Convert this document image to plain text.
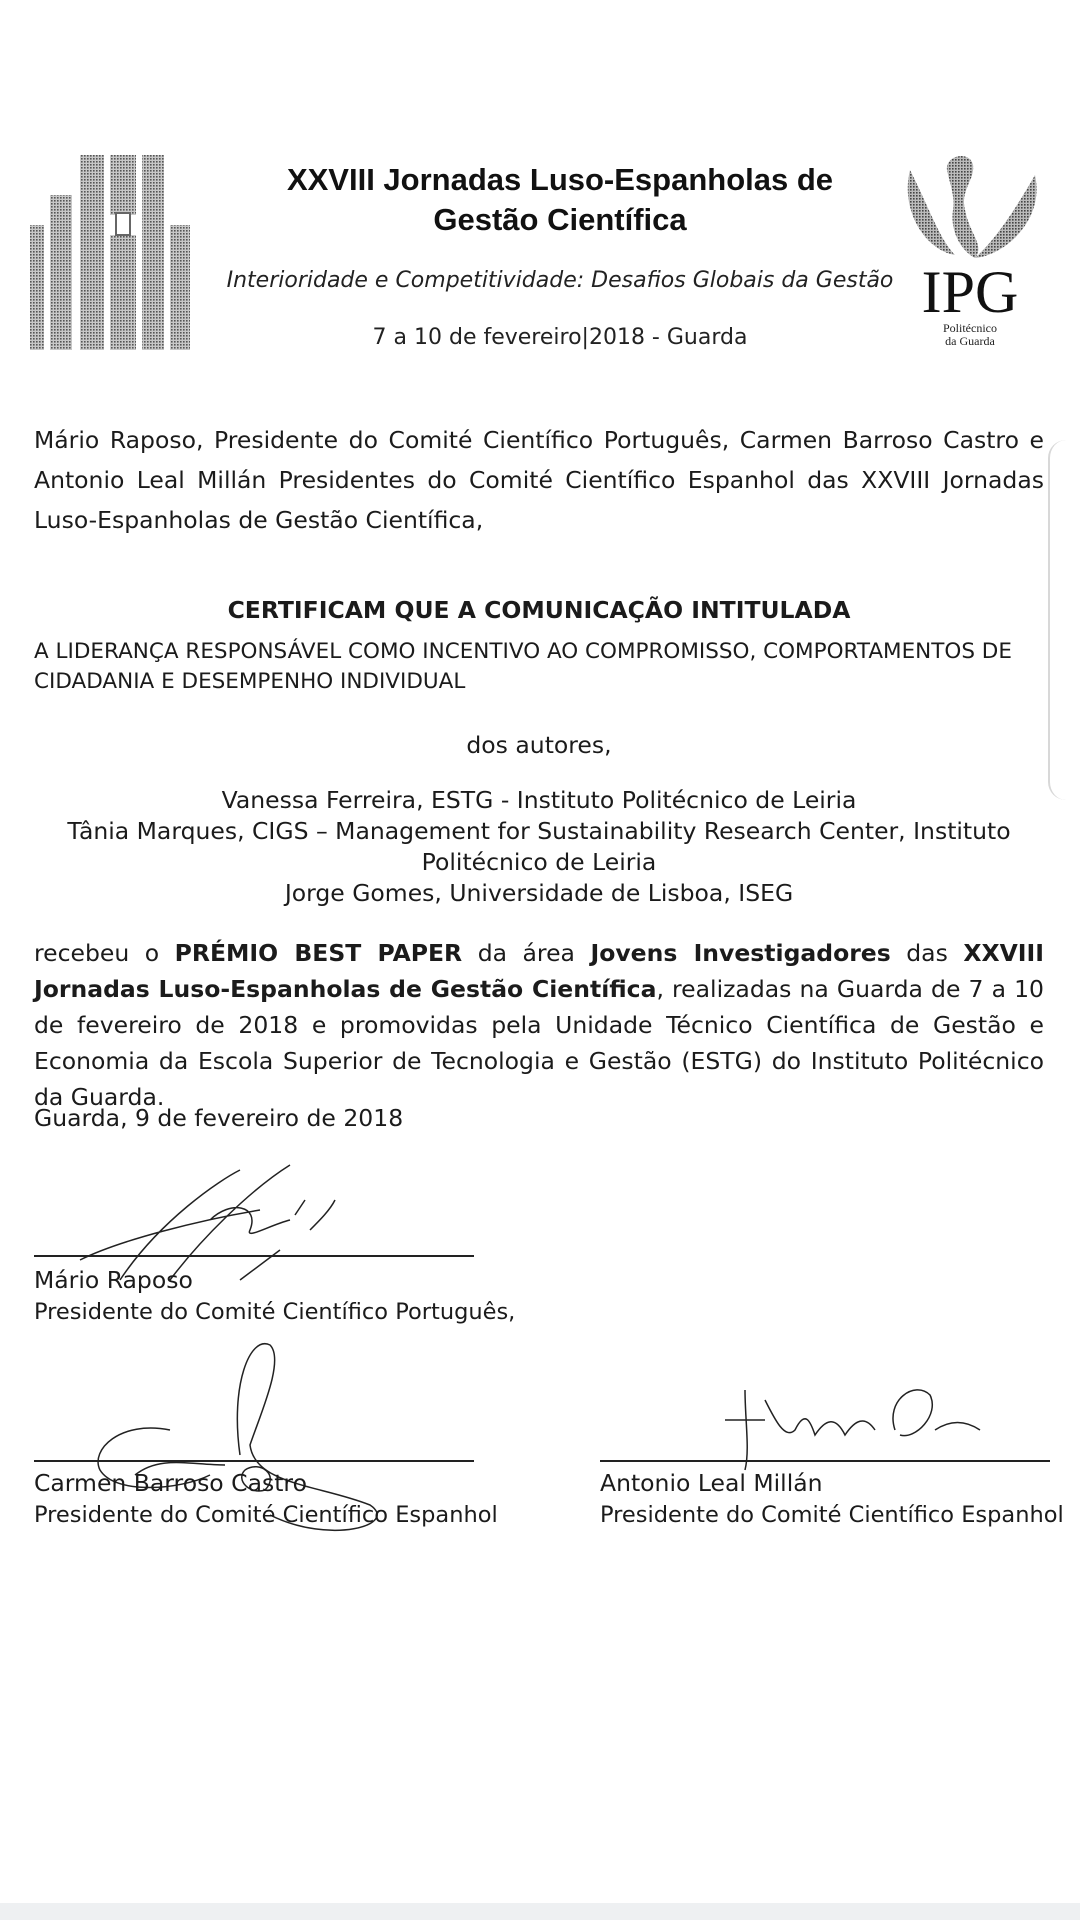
XXVIII Jornadas Luso-Espanholas de
Gestão Científica
Interioridade e Competitividade: Desafios Globais da Gestão
7 a 10 de fevereiro|2018 - Guarda
IPG
Politécnico
da Guarda
Mário Raposo, Presidente do Comité Científico Português, Carmen Barroso Castro e Antonio Leal Millán Presidentes do Comité Científico Espanhol das XXVIII Jornadas Luso-Espanholas de Gestão Científica,
CERTIFICAM QUE A COMUNICAÇÃO INTITULADA
A LIDERANÇA RESPONSÁVEL COMO INCENTIVO AO COMPROMISSO, COMPORTAMENTOS DE
CIDADANIA E DESEMPENHO INDIVIDUAL
dos autores,
Vanessa Ferreira, ESTG - Instituto Politécnico de Leiria
Tânia Marques, CIGS – Management for Sustainability Research Center, Instituto
Politécnico de Leiria
Jorge Gomes, Universidade de Lisboa, ISEG
recebeu o PRÉMIO BEST PAPER da área Jovens Investigadores das XXVIII Jornadas Luso-Espanholas de Gestão Científica, realizadas na Guarda de 7 a 10 de fevereiro de 2018 e promovidas pela Unidade Técnico Científica de Gestão e Economia da Escola Superior de Tecnologia e Gestão (ESTG) do Instituto Politécnico da Guarda.
Guarda, 9 de fevereiro de 2018
Mário Raposo
Presidente do Comité Científico Português,
Carmen Barroso Castro
Presidente do Comité Científico Espanhol
Antonio Leal Millán
Presidente do Comité Científico Espanhol
